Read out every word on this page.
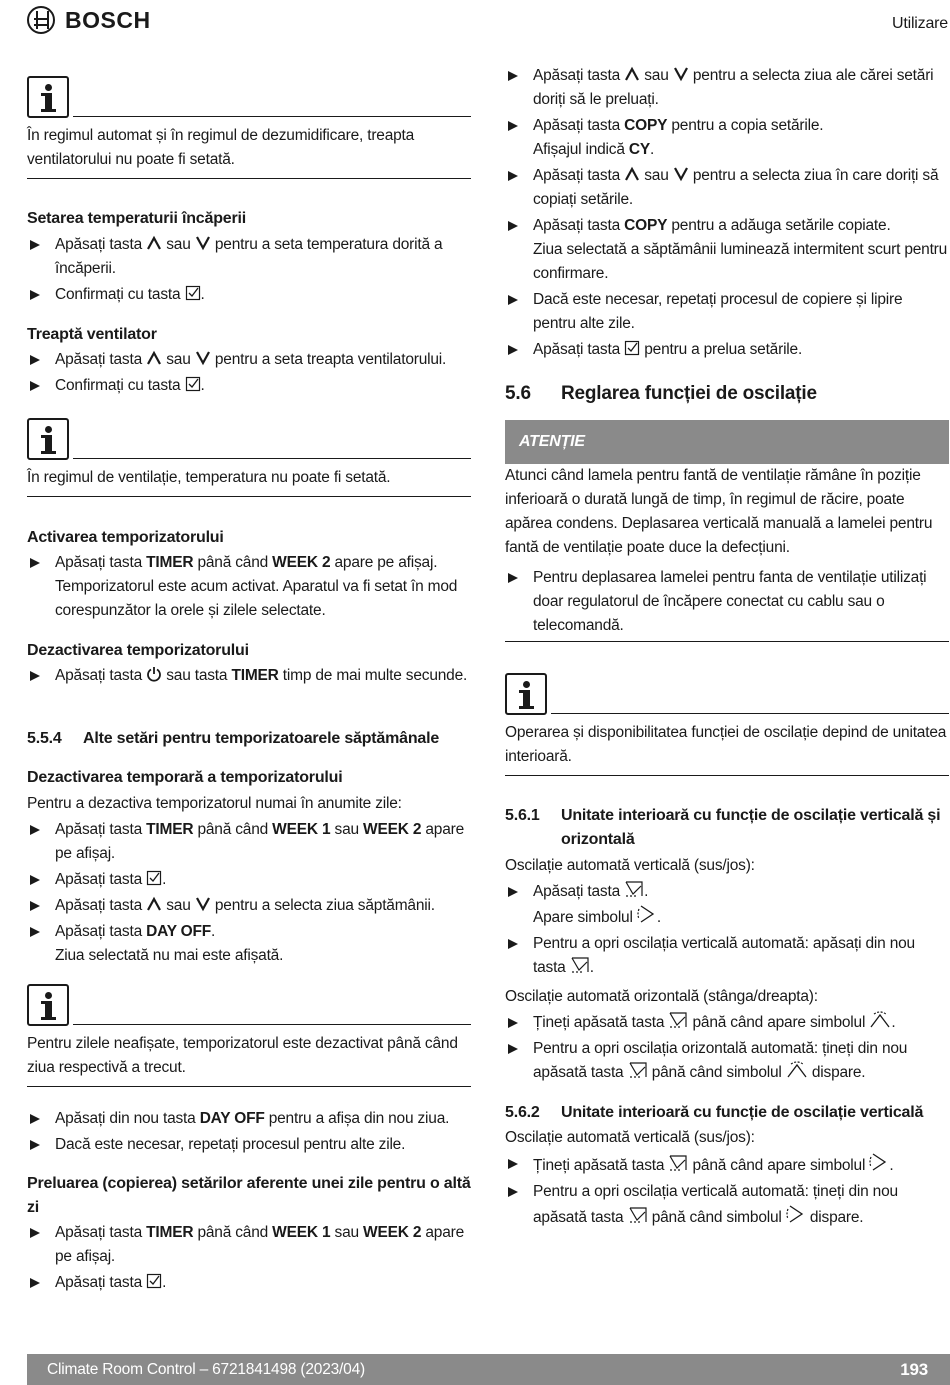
BOSCH	Utilizare
În regimul automat și în regimul de dezumidificare, treapta ventilatorului nu poate fi setată.
Setarea temperaturii încăperii
Apăsați tasta sau pentru a seta temperatura dorită a încăperii.
Confirmați cu tasta .
Treaptă ventilator
Apăsați tasta sau pentru a seta treapta ventilatorului.
Confirmați cu tasta .
În regimul de ventilație, temperatura nu poate fi setată.
Activarea temporizatorului
Apăsați tasta TIMER până când WEEK 2 apare pe afișaj.
Temporizatorul este acum activat. Aparatul va fi setat în mod corespunzător la orele și zilele selectate.
Dezactivarea temporizatorului
Apăsați tasta sau tasta TIMER timp de mai multe secunde.
5.5.4 Alte setări pentru temporizatoarele săptămânale
Dezactivarea temporară a temporizatorului
Pentru a dezactiva temporizatorul numai în anumite zile:
Apăsați tasta TIMER până când WEEK 1 sau WEEK 2 apare pe afișaj.
Apăsați tasta .
Apăsați tasta sau pentru a selecta ziua săptămânii.
Apăsați tasta DAY OFF.
Ziua selectată nu mai este afișată.
Pentru zilele neafișate, temporizatorul este dezactivat până când ziua respectivă a trecut.
Apăsați din nou tasta DAY OFF pentru a afișa din nou ziua.
Dacă este necesar, repetați procesul pentru alte zile.
Preluarea (copierea) setărilor aferente unei zile pentru o altă zi
Apăsați tasta TIMER până când WEEK 1 sau WEEK 2 apare pe afișaj.
Apăsați tasta .
Apăsați tasta sau pentru a selecta ziua ale cărei setări doriți să le preluați.
Apăsați tasta COPY pentru a copia setările.
Afișajul indică CY.
Apăsați tasta sau pentru a selecta ziua în care doriți să copiați setările.
Apăsați tasta COPY pentru a adăuga setările copiate.
Ziua selectată a săptămânii luminează intermitent scurt pentru confirmare.
Dacă este necesar, repetați procesul de copiere și lipire pentru alte zile.
Apăsați tasta pentru a prelua setările.
5.6 Reglarea funcției de oscilație
ATENȚIE
Atunci când lamela pentru fantă de ventilație rămâne în poziție inferioară o durată lungă de timp, în regimul de răcire, poate apărea condens. Deplasarea verticală manuală a lamelei pentru fantă de ventilație poate duce la defecțiuni.
Pentru deplasarea lamelei pentru fanta de ventilație utilizați doar regulatorul de încăpere conectat cu cablu sau o telecomandă.
Operarea și disponibilitatea funcției de oscilație depind de unitatea interioară.
5.6.1	Unitate interioară cu funcție de oscilație verticală și orizontală
Oscilație automată verticală (sus/jos):
Apăsați tasta .
Apare simbolul .
Pentru a opri oscilația verticală automată: apăsați din nou tasta .
Oscilație automată orizontală (stânga/dreapta):
Țineți apăsată tasta până când apare simbolul .
Pentru a opri oscilația orizontală automată: țineți din nou apăsată tasta până când simbolul dispare.
5.6.2 Unitate interioară cu funcție de oscilație verticală
Oscilație automată verticală (sus/jos):
Țineți apăsată tasta până când apare simbolul .
Pentru a opri oscilația verticală automată: țineți din nou apăsată tasta până când simbolul dispare.
Climate Room Control – 6721841498 (2023/04)	193
